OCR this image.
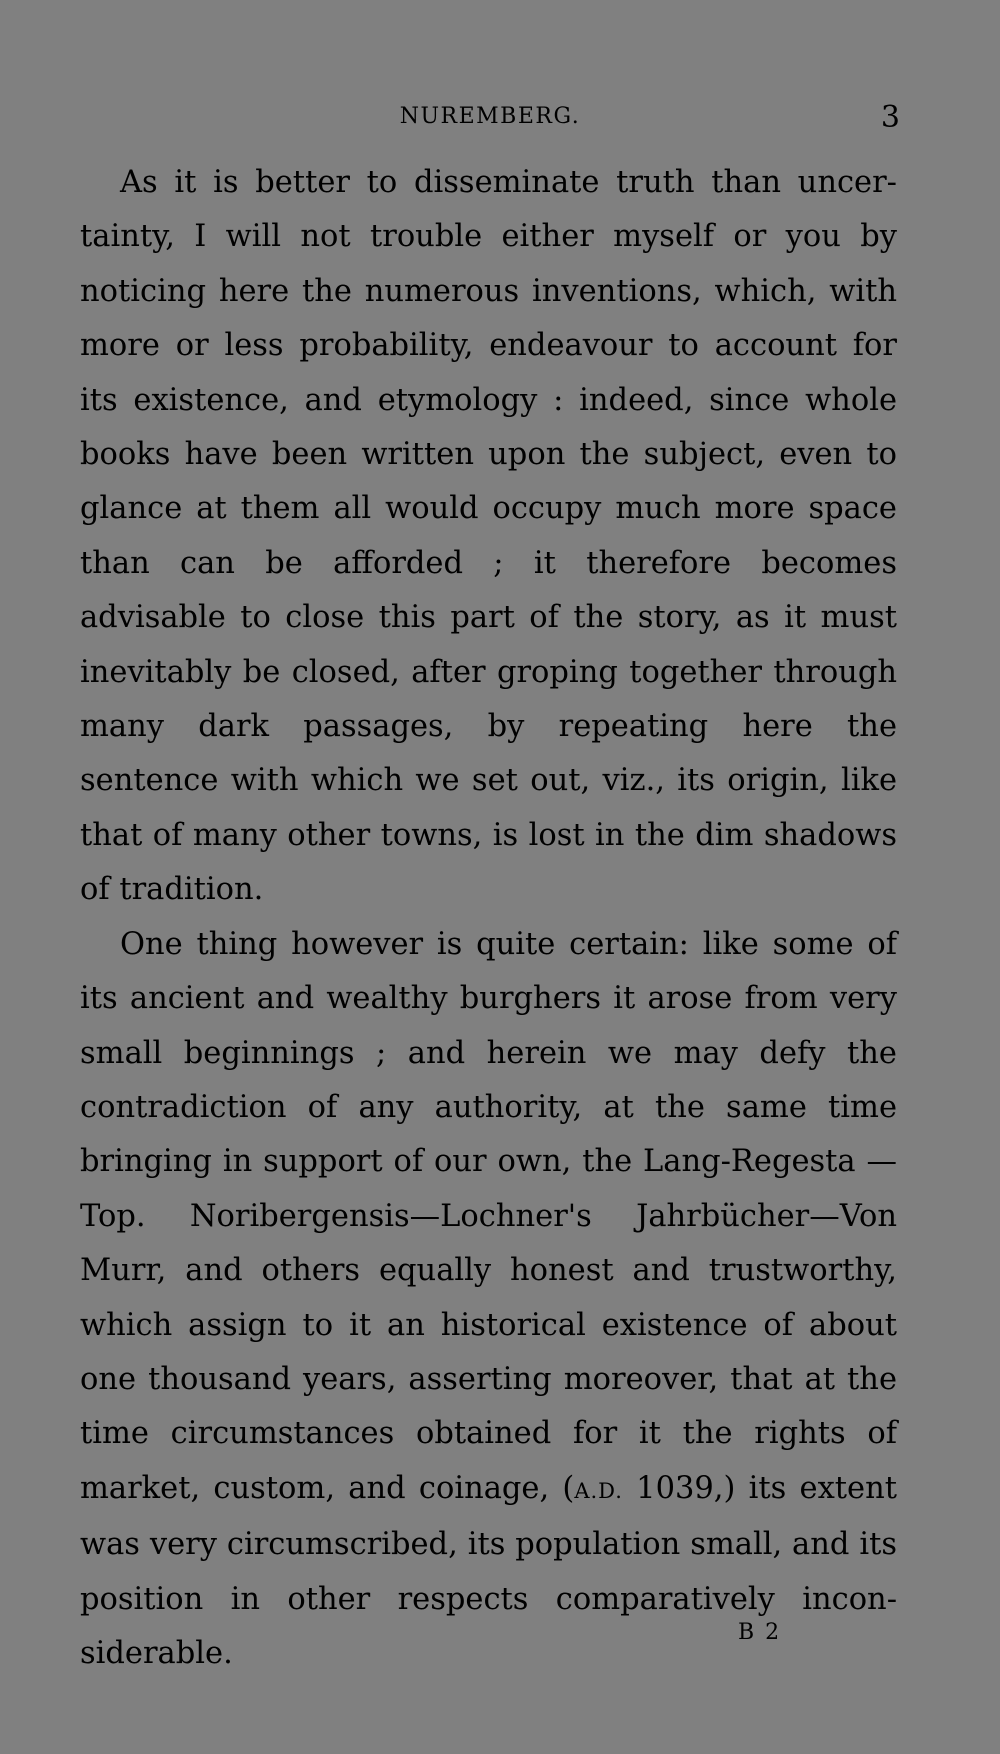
NUREMBERG.	3

As it is better to disseminate truth than uncer-tainty, I will not trouble either myself or you by noticing here the numerous inventions, which, with more or less probability, endeavour to account for its existence, and etymology : indeed, since whole books have been written upon the subject, even to glance at them all would occupy much more space than can be afforded ; it therefore becomes advisable to close this part of the story, as it must inevitably be closed, after groping together through many dark passages, by repeating here the sentence with which we set out, viz., its origin, like that of many other towns, is lost in the dim shadows of tradition.

One thing however is quite certain: like some of its ancient and wealthy burghers it arose from very small beginnings ; and herein we may defy the contradiction of any authority, at the same time bringing in support of our own, the Lang-Regesta —Top. Noribergensis—Lochner's Jahrbücher—Von Murr, and others equally honest and trustworthy, which assign to it an historical existence of about one thousand years, asserting moreover, that at the time circumstances obtained for it the rights of market, custom, and coinage, (A.D. 1039,) its extent was very circumscribed, its population small, and its position in other respects comparatively incon-siderable.

B 2
